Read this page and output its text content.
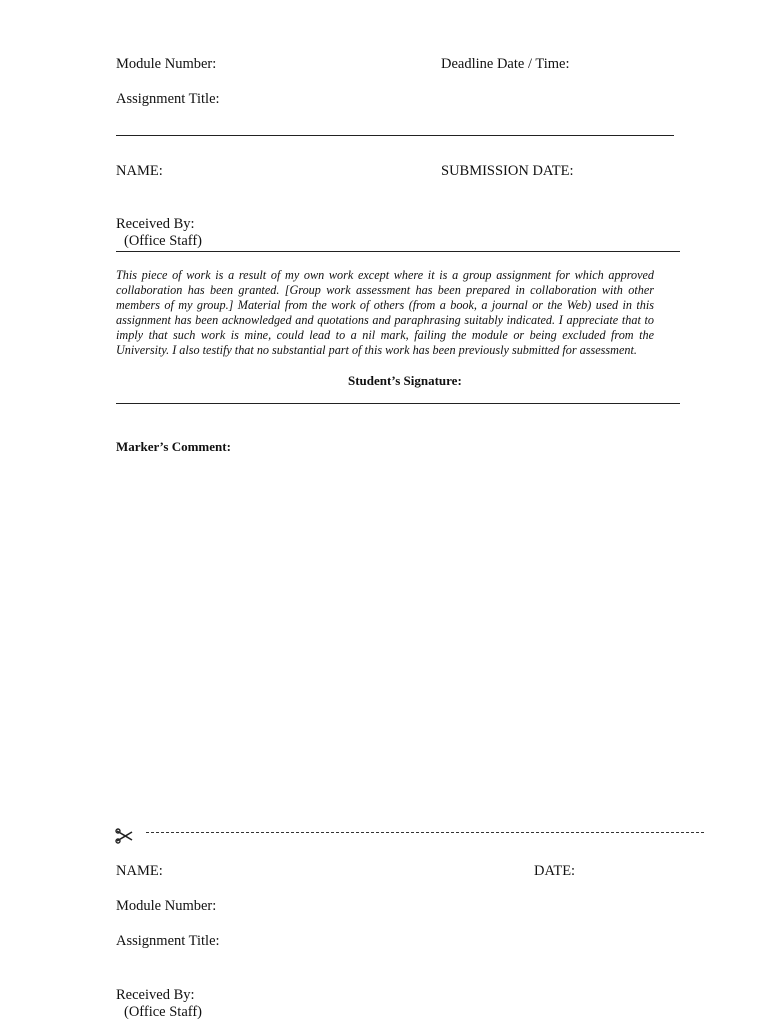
Module Number:	Deadline Date / Time:
Assignment Title:
NAME:	SUBMISSION DATE:
Received By:
(Office Staff)
This piece of work is a result of my own work except where it is a group assignment for which approved collaboration has been granted. [Group work assessment has been prepared in collaboration with other members of my group.] Material from the work of others (from a book, a journal or the Web) used in this assignment has been acknowledged and quotations and paraphrasing suitably indicated. I appreciate that to imply that such work is mine, could lead to a nil mark, failing the module or being excluded from the University. I also testify that no substantial part of this work has been previously submitted for assessment.
Student’s Signature:
Marker’s Comment:
NAME:	DATE:
Module Number:
Assignment Title:
Received By:
(Office Staff)
